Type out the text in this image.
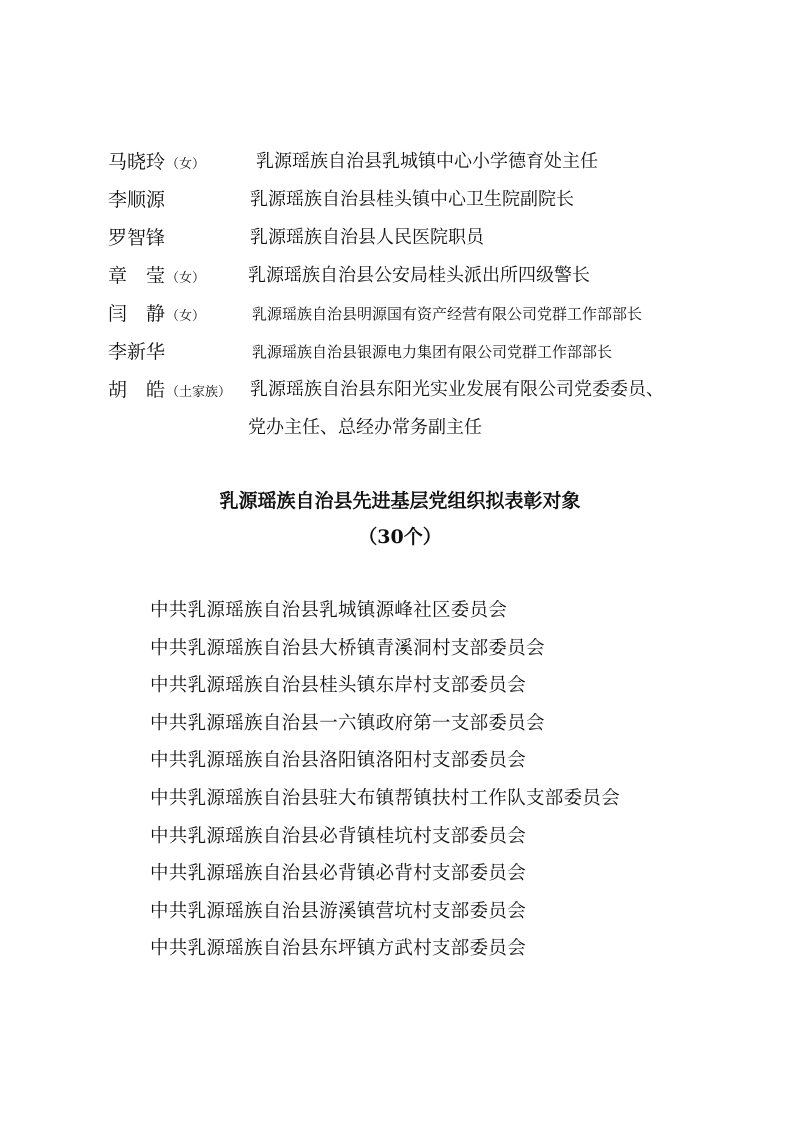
马晓玲（女）	乳源瑶族自治县乳城镇中心小学德育处主任
李顺源	乳源瑶族自治县桂头镇中心卫生院副院长
罗智锋	乳源瑶族自治县人民医院职员
章　莹（女） 乳源瑶族自治县公安局桂头派出所四级警长
闫　静（女）	乳源瑶族自治县明源国有资产经营有限公司党群工作部部长
李新华	乳源瑶族自治县银源电力集团有限公司党群工作部部长
胡　皓（土家族） 乳源瑶族自治县东阳光实业发展有限公司党委委员、
党办主任、总经办常务副主任
乳源瑶族自治县先进基层党组织拟表彰对象
（30个）
中共乳源瑶族自治县乳城镇源峰社区委员会
中共乳源瑶族自治县大桥镇青溪洞村支部委员会
中共乳源瑶族自治县桂头镇东岸村支部委员会
中共乳源瑶族自治县一六镇政府第一支部委员会
中共乳源瑶族自治县洛阳镇洛阳村支部委员会
中共乳源瑶族自治县驻大布镇帮镇扶村工作队支部委员会
中共乳源瑶族自治县必背镇桂坑村支部委员会
中共乳源瑶族自治县必背镇必背村支部委员会
中共乳源瑶族自治县游溪镇营坑村支部委员会
中共乳源瑶族自治县东坪镇方武村支部委员会
